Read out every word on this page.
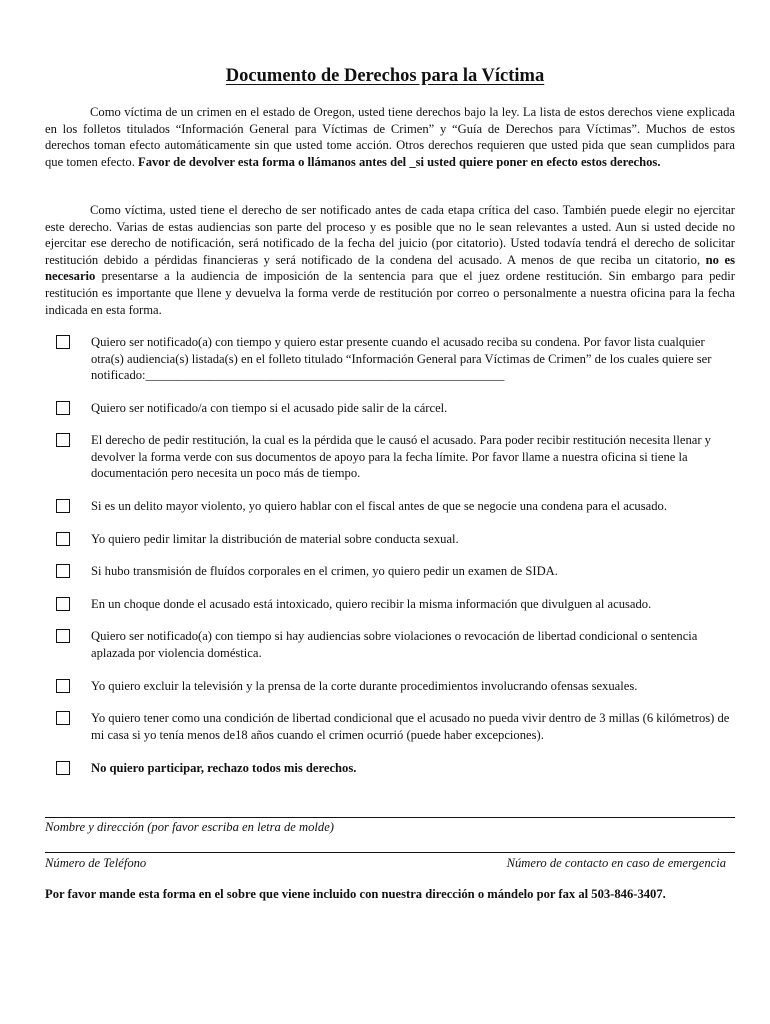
Documento de Derechos para la Víctima
Como víctima de un crimen en el estado de Oregon, usted tiene derechos bajo la ley. La lista de estos derechos viene explicada en los folletos titulados “Información General para Víctimas de Crimen” y “Guía de Derechos para Víctimas”. Muchos de estos derechos toman efecto automáticamente sin que usted tome acción. Otros derechos requieren que usted pida que sean cumplidos para que tomen efecto. Favor de devolver esta forma o llámanos antes del _si usted quiere poner en efecto estos derechos.
Como víctima, usted tiene el derecho de ser notificado antes de cada etapa crítica del caso. También puede elegir no ejercitar este derecho. Varias de estas audiencias son parte del proceso y es posible que no le sean relevantes a usted. Aun si usted decide no ejercitar ese derecho de notificación, será notificado de la fecha del juicio (por citatorio). Usted todavía tendrá el derecho de solicitar restitución debido a pérdidas financieras y será notificado de la condena del acusado. A menos de que reciba un citatorio, no es necesario presentarse a la audiencia de imposición de la sentencia para que el juez ordene restitución. Sin embargo para pedir restitución es importante que llene y devuelva la forma verde de restitución por correo o personalmente a nuestra oficina para la fecha indicada en esta forma.
Quiero ser notificado(a) con tiempo y quiero estar presente cuando el acusado reciba su condena. Por favor lista cualquier otra(s) audiencia(s) listada(s) en el folleto titulado “Información General para Víctimas de Crimen” de los cuales quiere ser notificado:_________________________________________________________
Quiero ser notificado/a con tiempo si el acusado pide salir de la cárcel.
El derecho de pedir restitución, la cual es la pérdida que le causó el acusado. Para poder recibir restitución necesita llenar y devolver la forma verde con sus documentos de apoyo para la fecha límite. Por favor llame a nuestra oficina si tiene la documentación pero necesita un poco más de tiempo.
Si es un delito mayor violento, yo quiero hablar con el fiscal antes de que se negocie una condena para el acusado.
Yo quiero pedir limitar la distribución de material sobre conducta sexual.
Si hubo transmisión de fluídos corporales en el crimen, yo quiero pedir un examen de SIDA.
En un choque donde el acusado está intoxicado, quiero recibir la misma información que divulguen al acusado.
Quiero ser notificado(a) con tiempo si hay audiencias sobre violaciones o revocación de libertad condicional o sentencia aplazada por violencia doméstica.
Yo quiero excluir la televisión y la prensa de la corte durante procedimientos involucrando ofensas sexuales.
Yo quiero tener como una condición de libertad condicional que el acusado no pueda vivir dentro de 3 millas (6 kilómetros) de mi casa si yo tenía menos de18 años cuando el crimen ocurrió (puede haber excepciones).
No quiero participar, rechazo todos mis derechos.
Nombre y dirección (por favor escriba en letra de molde)
Número de Teléfono	Número de contacto en caso de emergencia
Por favor mande esta forma en el sobre que viene incluido con nuestra dirección o mándelo por fax al 503-846-3407.
